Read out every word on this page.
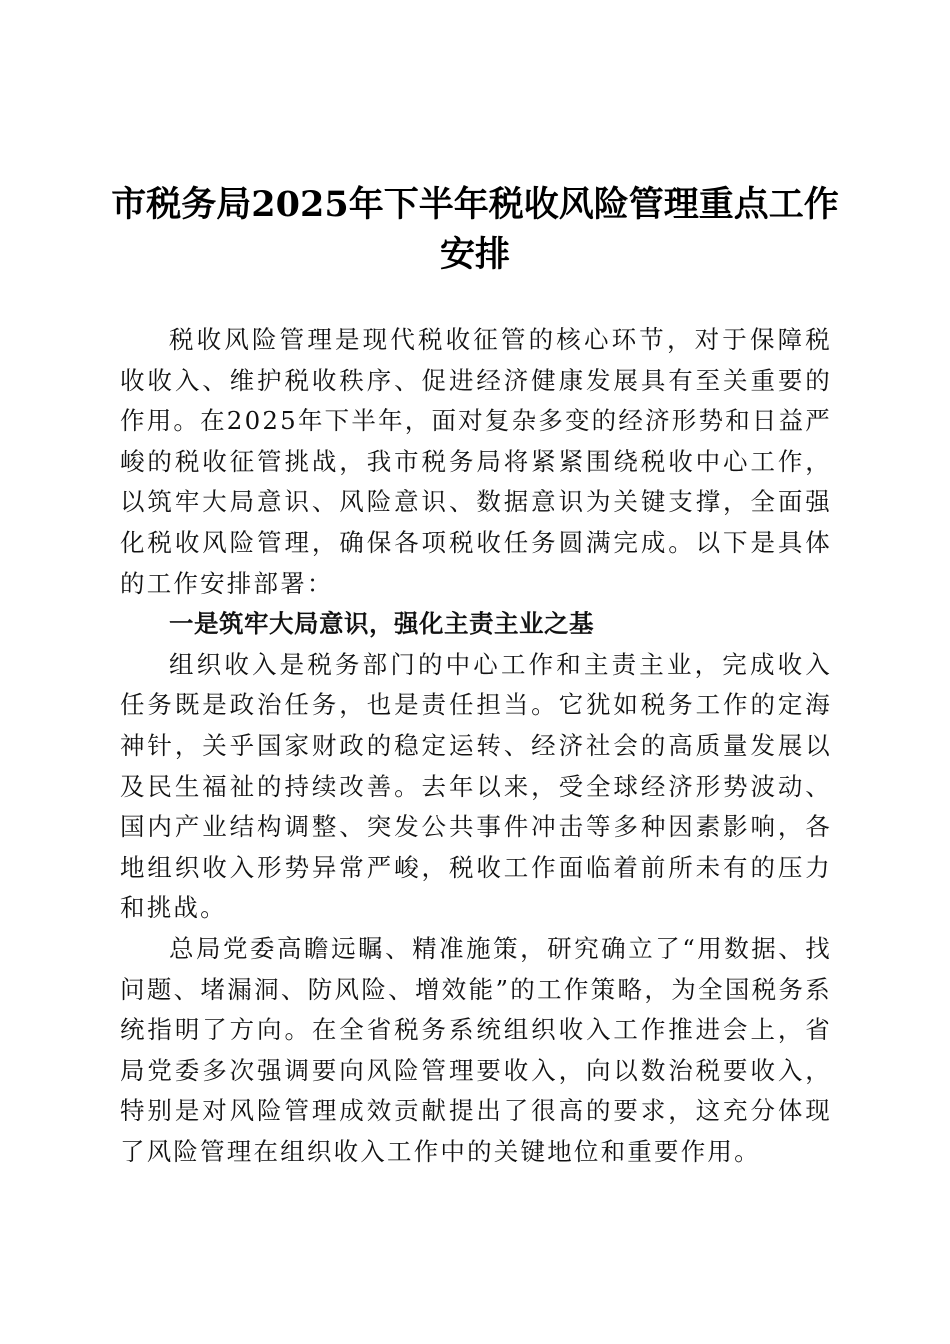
市税务局2025年下半年税收风险管理重点工作安排

税收风险管理是现代税收征管的核心环节，对于保障税收收入、维护税收秩序、促进经济健康发展具有至关重要的作用。在2025年下半年，面对复杂多变的经济形势和日益严峻的税收征管挑战，我市税务局将紧紧围绕税收中心工作，以筑牢大局意识、风险意识、数据意识为关键支撑，全面强化税收风险管理，确保各项税收任务圆满完成。以下是具体的工作安排部署：

一是筑牢大局意识，强化主责主业之基

组织收入是税务部门的中心工作和主责主业，完成收入任务既是政治任务，也是责任担当。它犹如税务工作的定海神针，关乎国家财政的稳定运转、经济社会的高质量发展以及民生福祉的持续改善。去年以来，受全球经济形势波动、国内产业结构调整、突发公共事件冲击等多种因素影响，各地组织收入形势异常严峻，税收工作面临着前所未有的压力和挑战。

总局党委高瞻远瞩、精准施策，研究确立了“用数据、找问题、堵漏洞、防风险、增效能”的工作策略，为全国税务系统指明了方向。在全省税务系统组织收入工作推进会上，省局党委多次强调要向风险管理要收入，向以数治税要收入，特别是对风险管理成效贡献提出了很高的要求，这充分体现了风险管理在组织收入工作中的关键地位和重要作用。
